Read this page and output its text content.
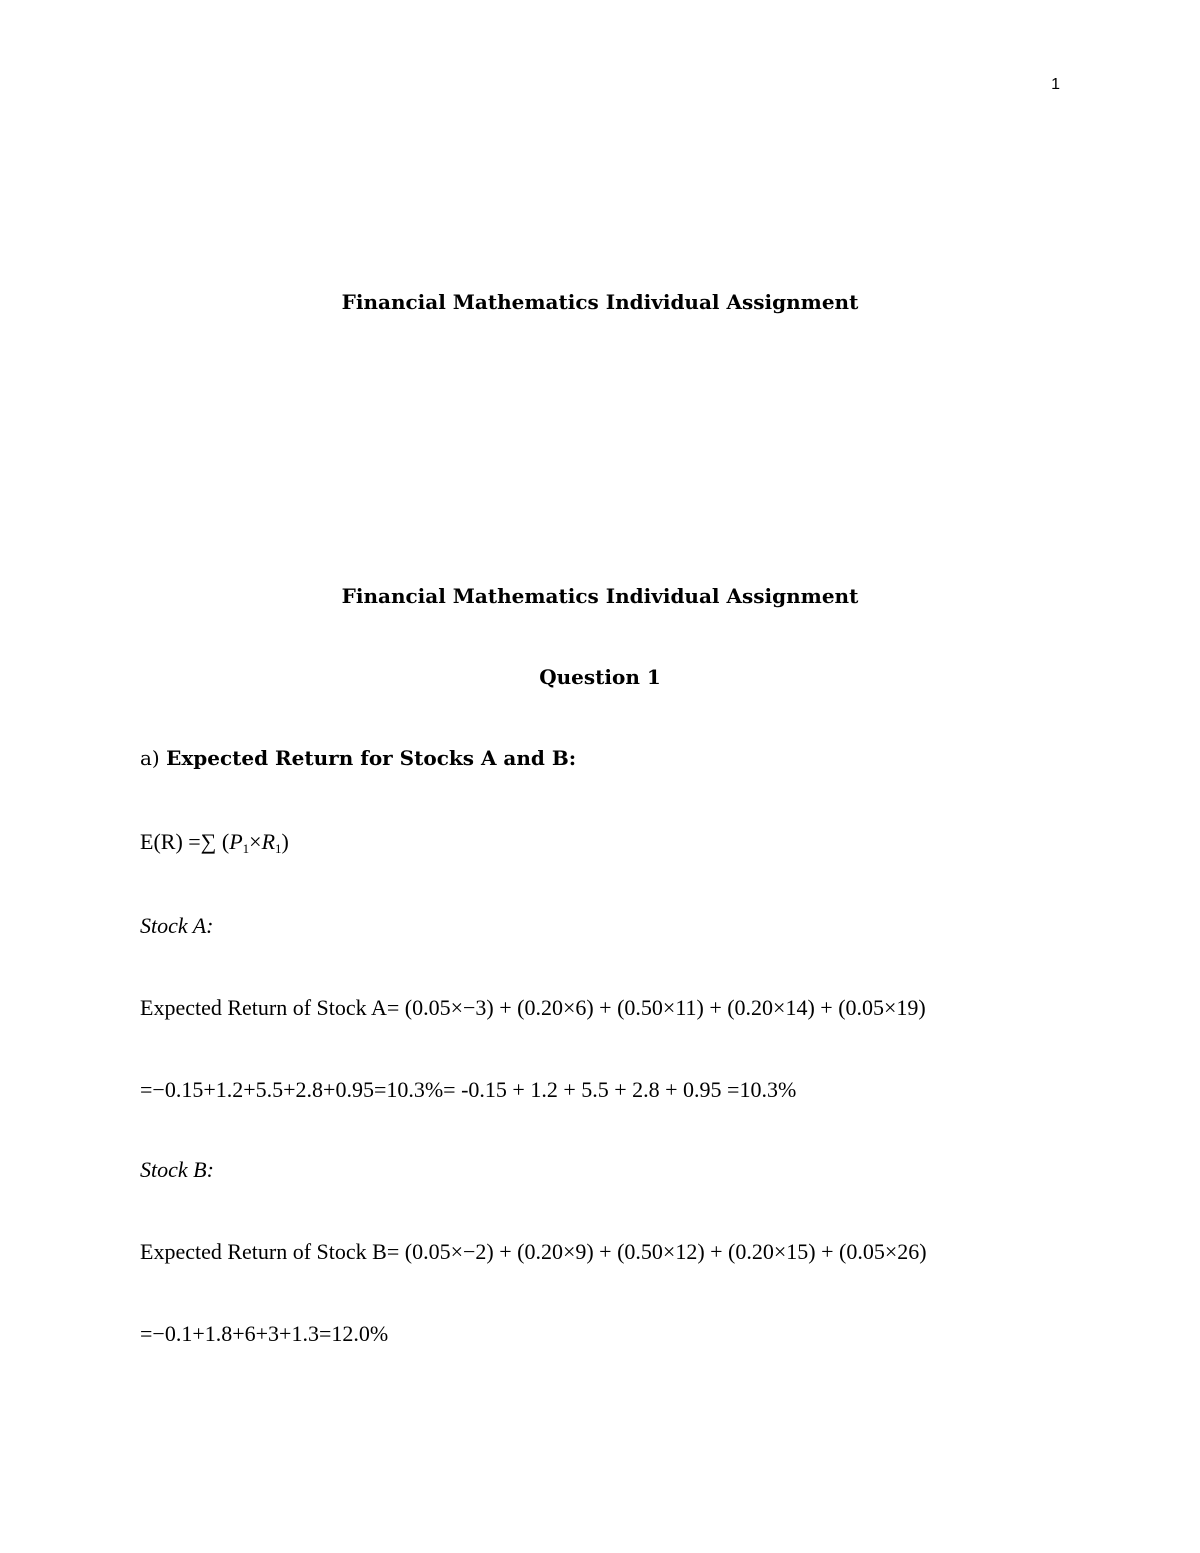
1
Financial Mathematics Individual Assignment
Financial Mathematics Individual Assignment
Question 1
a) Expected Return for Stocks A and B:
E(R) =∑ $(P_1\times R_1)$
Stock A:
Expected Return of Stock A= (0.05×−3) + (0.20×6) + (0.50×11) + (0.20×14) + (0.05×19)
=−0.15+1.2+5.5+2.8+0.95=10.3%= -0.15 + 1.2 + 5.5 + 2.8 + 0.95 =10.3%
Stock B:
Expected Return of Stock B= (0.05×−2) + (0.20×9) + (0.50×12) + (0.20×15) + (0.05×26)
=−0.1+1.8+6+3+1.3=12.0%
